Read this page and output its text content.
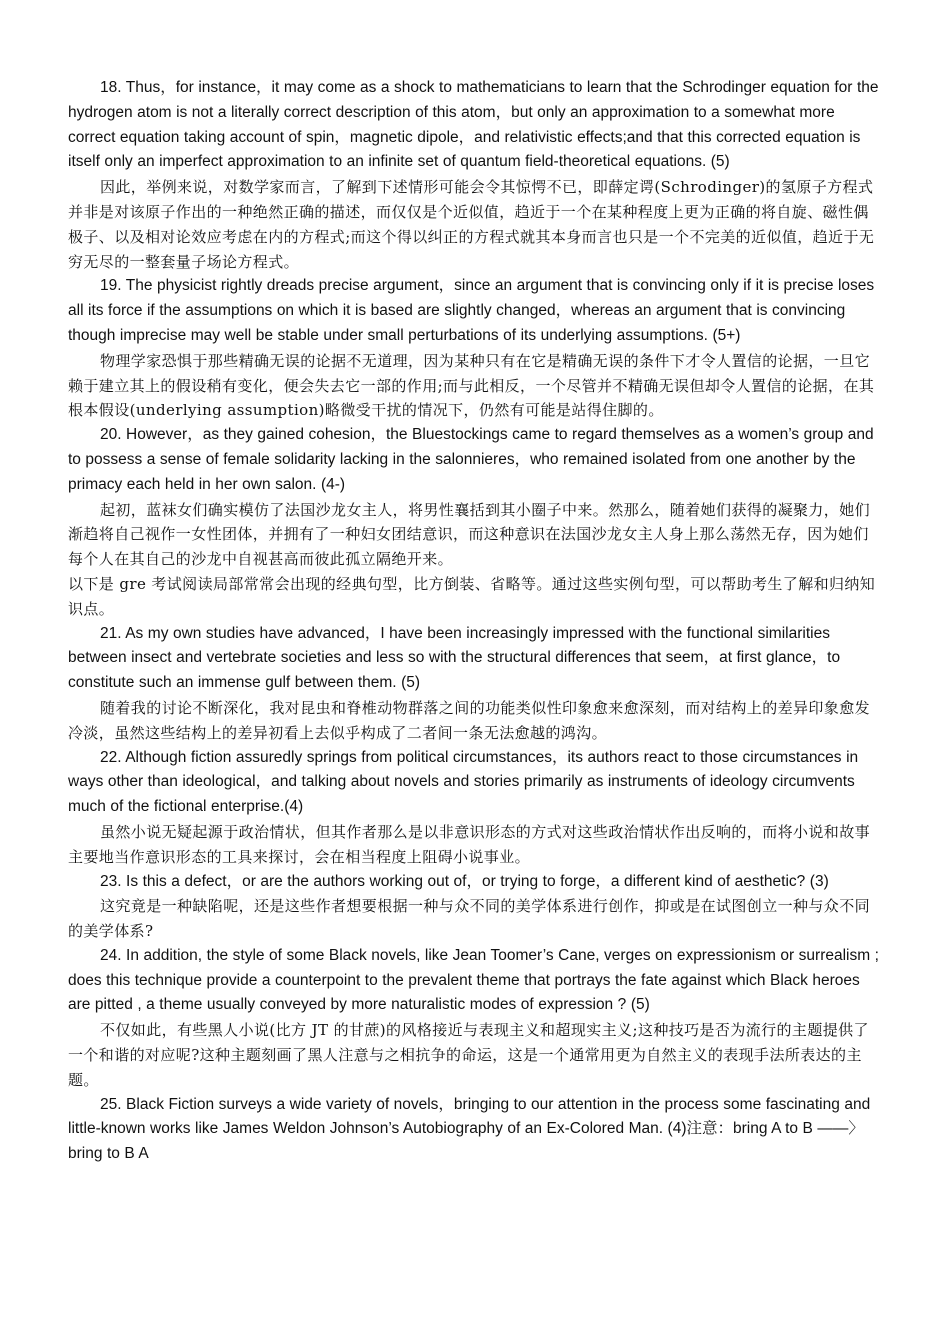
18. Thus，for instance，it may come as a shock to mathematicians to learn that the Schrodinger equation for the hydrogen atom is not a literally correct description of this atom，but only an approximation to a somewhat more correct equation taking account of spin，magnetic dipole，and relativistic effects;and that this corrected equation is itself only an imperfect approximation to an infinite set of quantum field-theoretical equations. (5)

因此，举例来说，对数学家而言，了解到下述情形可能会令其惊愕不已，即薛定谔(Schrodinger)的氢原子方程式并非是对该原子作出的一种绝然正确的描述，而仅仅是个近似值，趋近于一个在某种程度上更为正确的将自旋、磁性偶极子、以及相对论效应考虑在内的方程式;而这个得以纠正的方程式就其本身而言也只是一个不完美的近似值，趋近于无穷无尽的一整套量子场论方程式。

19. The physicist rightly dreads precise argument，since an argument that is convincing only if it is precise loses all its force if the assumptions on which it is based are slightly changed，whereas an argument that is convincing though imprecise may well be stable under small perturbations of its underlying assumptions. (5+)

物理学家恐惧于那些精确无误的论据不无道理，因为某种只有在它是精确无误的条件下才令人置信的论据，一旦它赖于建立其上的假设稍有变化，便会失去它一部的作用;而与此相反，一个尽管并不精确无误但却令人置信的论据，在其根本假设(underlying assumption)略微受干扰的情况下，仍然有可能是站得住脚的。

20. However，as they gained cohesion，the Bluestockings came to regard themselves as a women’s group and to possess a sense of female solidarity lacking in the salonnieres，who remained isolated from one another by the primacy each held in her own salon. (4-)

起初，蓝袜女们确实模仿了法国沙龙女主人，将男性襄括到其小圈子中来。然那么，随着她们获得的凝聚力，她们渐趋将自己视作一女性团体，并拥有了一种妇女团结意识，而这种意识在法国沙龙女主人身上那么荡然无存，因为她们每个人在其自己的沙龙中自视甚高而彼此孤立隔绝开来。

以下是 gre 考试阅读局部常常会出现的经典句型，比方倒装、省略等。通过这些实例句型，可以帮助考生了解和归纳知识点。

21. As my own studies have advanced，I have been increasingly impressed with the functional similarities between insect and vertebrate societies and less so with the structural differences that seem，at first glance，to constitute such an immense gulf between them. (5)

随着我的讨论不断深化，我对昆虫和脊椎动物群落之间的功能类似性印象愈来愈深刻，而对结构上的差异印象愈发冷淡，虽然这些结构上的差异初看上去似乎构成了二者间一条无法愈越的鸿沟。

22. Although fiction assuredly springs from political circumstances，its authors react to those circumstances in ways other than ideological，and talking about novels and stories primarily as instruments of ideology circumvents much of the fictional enterprise.(4)

虽然小说无疑起源于政治情状，但其作者那么是以非意识形态的方式对这些政治情状作出反响的，而将小说和故事主要地当作意识形态的工具来探讨，会在相当程度上阻碍小说事业。

23. Is this a defect，or are the authors working out of，or trying to forge，a different kind of aesthetic? (3)

这究竟是一种缺陷呢，还是这些作者想要根据一种与众不同的美学体系进行创作，抑或是在试图创立一种与众不同的美学体系?

24. In addition, the style of some Black novels, like Jean Toomer’s Cane, verges on expressionism or surrealism ; does this technique provide a counterpoint to the prevalent theme that portrays the fate against which Black heroes are pitted , a theme usually conveyed by more naturalistic modes of expression ? (5)

不仅如此，有些黑人小说(比方 JT 的甘蔗)的风格接近与表现主义和超现实主义;这种技巧是否为流行的主题提供了一个和谐的对应呢?这种主题刻画了黑人注意与之相抗争的命运，这是一个通常用更为自然主义的表现手法所表达的主题。

25. Black Fiction surveys a wide variety of novels，bringing to our attention in the process some fascinating and little-known works like James Weldon Johnson’s Autobiography of an Ex-Colored Man. (4)注意：bring A to B ——〉bring to B A
